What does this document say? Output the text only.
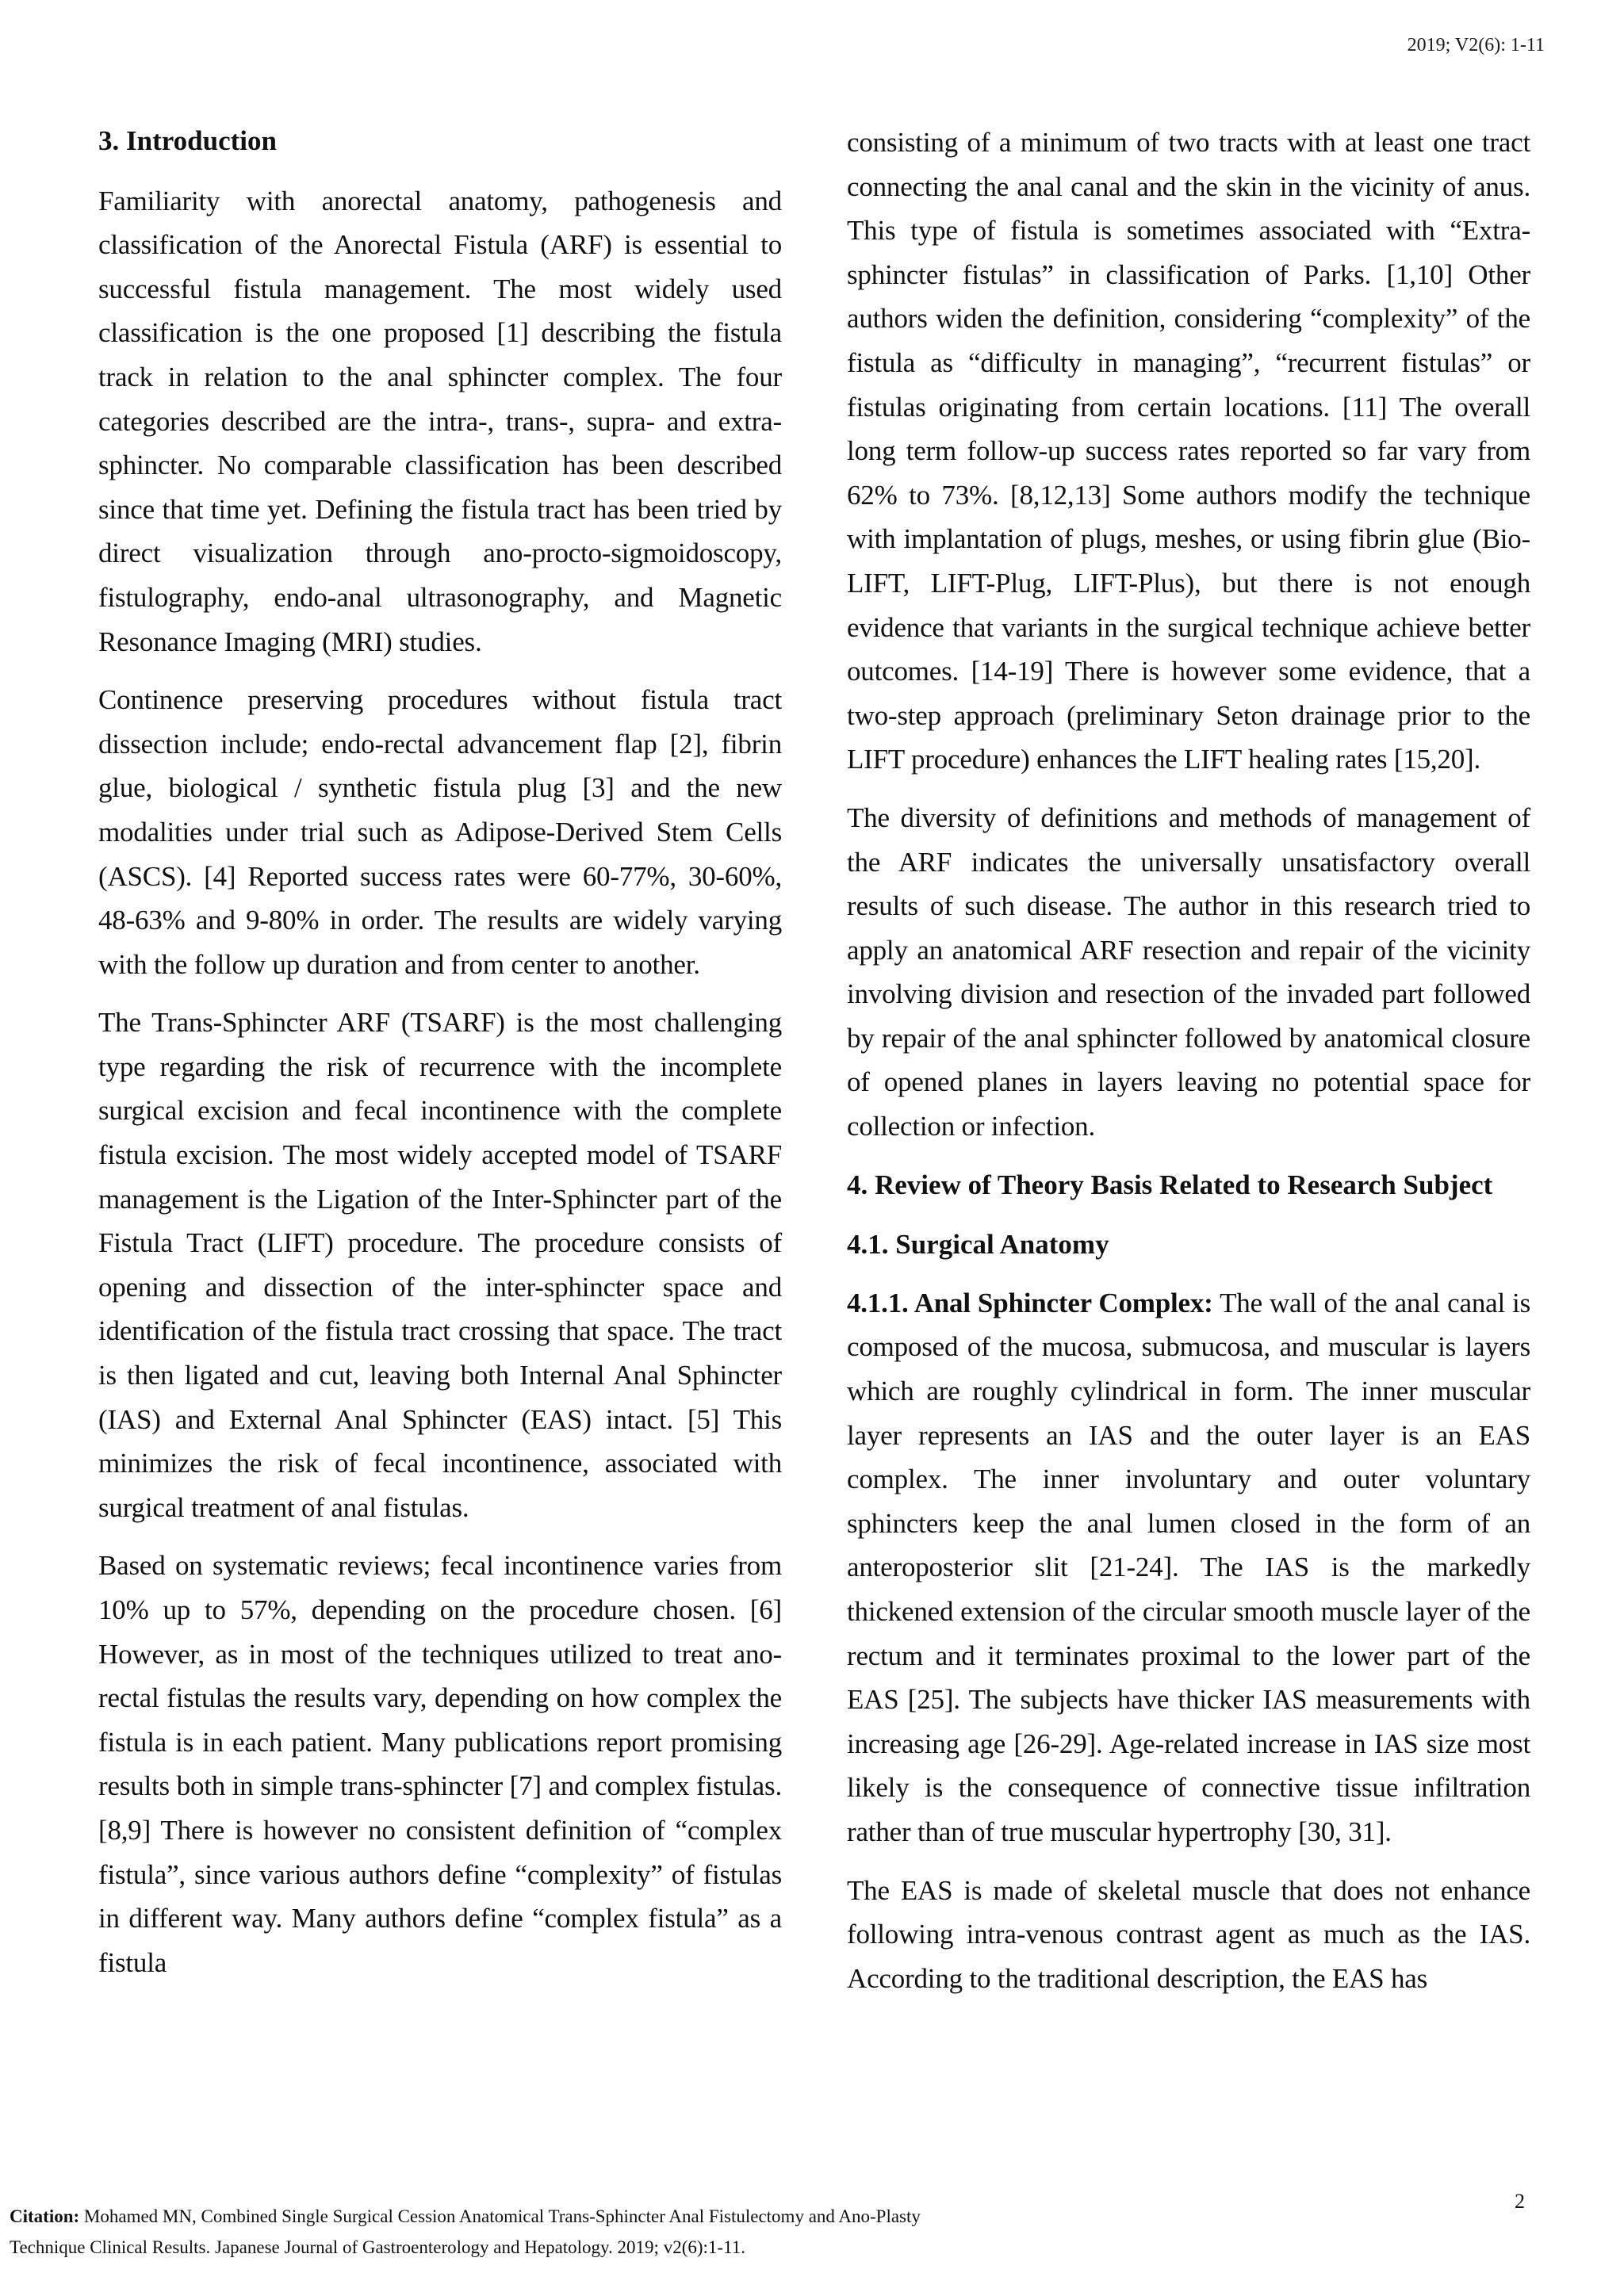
2019; V2(6): 1-11
3. Introduction

Familiarity with anorectal anatomy, pathogenesis and classification of the Anorectal Fistula (ARF) is essential to successful fistula management. The most widely used classification is the one proposed [1] describing the fistula track in relation to the anal sphincter complex. The four categories described are the intra-, trans-, supra- and extra- sphincter. No comparable classification has been described since that time yet. Defining the fistula tract has been tried by direct visualization through ano-procto-sigmoidoscopy, fistulography, endo-anal ultrasonography, and Magnetic Resonance Imaging (MRI) studies.

Continence preserving procedures without fistula tract dissection include; endo-rectal advancement flap [2], fibrin glue, biological / synthetic fistula plug [3] and the new modalities under trial such as Adipose-Derived Stem Cells (ASCS). [4] Reported success rates were 60-77%, 30-60%, 48-63% and 9-80% in order. The results are widely varying with the follow up duration and from center to another.

The Trans-Sphincter ARF (TSARF) is the most challenging type regarding the risk of recurrence with the incomplete surgical excision and fecal incontinence with the complete fistula excision. The most widely accepted model of TSARF management is the Ligation of the Inter-Sphincter part of the Fistula Tract (LIFT) procedure. The procedure consists of opening and dissection of the inter-sphincter space and identification of the fistula tract crossing that space. The tract is then ligated and cut, leaving both Internal Anal Sphincter (IAS) and External Anal Sphincter (EAS) intact. [5] This minimizes the risk of fecal incontinence, associated with surgical treatment of anal fistulas.

Based on systematic reviews; fecal incontinence varies from 10% up to 57%, depending on the procedure chosen. [6] However, as in most of the techniques utilized to treat ano-rectal fistulas the results vary, depending on how complex the fistula is in each patient. Many publications report promising results both in simple trans-sphincter [7] and complex fistulas. [8,9] There is however no consistent definition of “complex fistula”, since various authors define “complexity” of fistulas in different way. Many authors define “complex fistula” as a fistula

consisting of a minimum of two tracts with at least one tract connecting the anal canal and the skin in the vicinity of anus. This type of fistula is sometimes associated with “Extra-sphincter fistulas” in classification of Parks. [1,10] Other authors widen the definition, considering “complexity” of the fistula as “difficulty in managing”, “recurrent fistulas” or fistulas originating from certain locations. [11] The overall long term follow-up success rates reported so far vary from 62% to 73%. [8,12,13] Some authors modify the technique with implantation of plugs, meshes, or using fibrin glue (Bio-LIFT, LIFT-Plug, LIFT-Plus), but there is not enough evidence that variants in the surgical technique achieve better outcomes. [14-19] There is however some evidence, that a two-step approach (preliminary Seton drainage prior to the LIFT procedure) enhances the LIFT healing rates [15,20].

The diversity of definitions and methods of management of the ARF indicates the universally unsatisfactory overall results of such disease. The author in this research tried to apply an anatomical ARF resection and repair of the vicinity involving division and resection of the invaded part followed by repair of the anal sphincter followed by anatomical closure of opened planes in layers leaving no potential space for collection or infection.

4. Review of Theory Basis Related to Research Subject
4.1. Surgical Anatomy

4.1.1. Anal Sphincter Complex: The wall of the anal canal is composed of the mucosa, submucosa, and muscular is layers which are roughly cylindrical in form. The inner muscular layer represents an IAS and the outer layer is an EAS complex. The inner involuntary and outer voluntary sphincters keep the anal lumen closed in the form of an anteroposterior slit [21-24]. The IAS is the markedly thickened extension of the circular smooth muscle layer of the rectum and it terminates proximal to the lower part of the EAS [25]. The subjects have thicker IAS measurements with increasing age [26-29]. Age-related increase in IAS size most likely is the consequence of connective tissue infiltration rather than of true muscular hypertrophy [30, 31].

The EAS is made of skeletal muscle that does not enhance following intra-venous contrast agent as much as the IAS. According to the traditional description, the EAS has

2
Citation: Mohamed MN, Combined Single Surgical Cession Anatomical Trans-Sphincter Anal Fistulectomy and Ano-Plasty Technique Clinical Results. Japanese Journal of Gastroenterology and Hepatology. 2019; v2(6):1-11.
